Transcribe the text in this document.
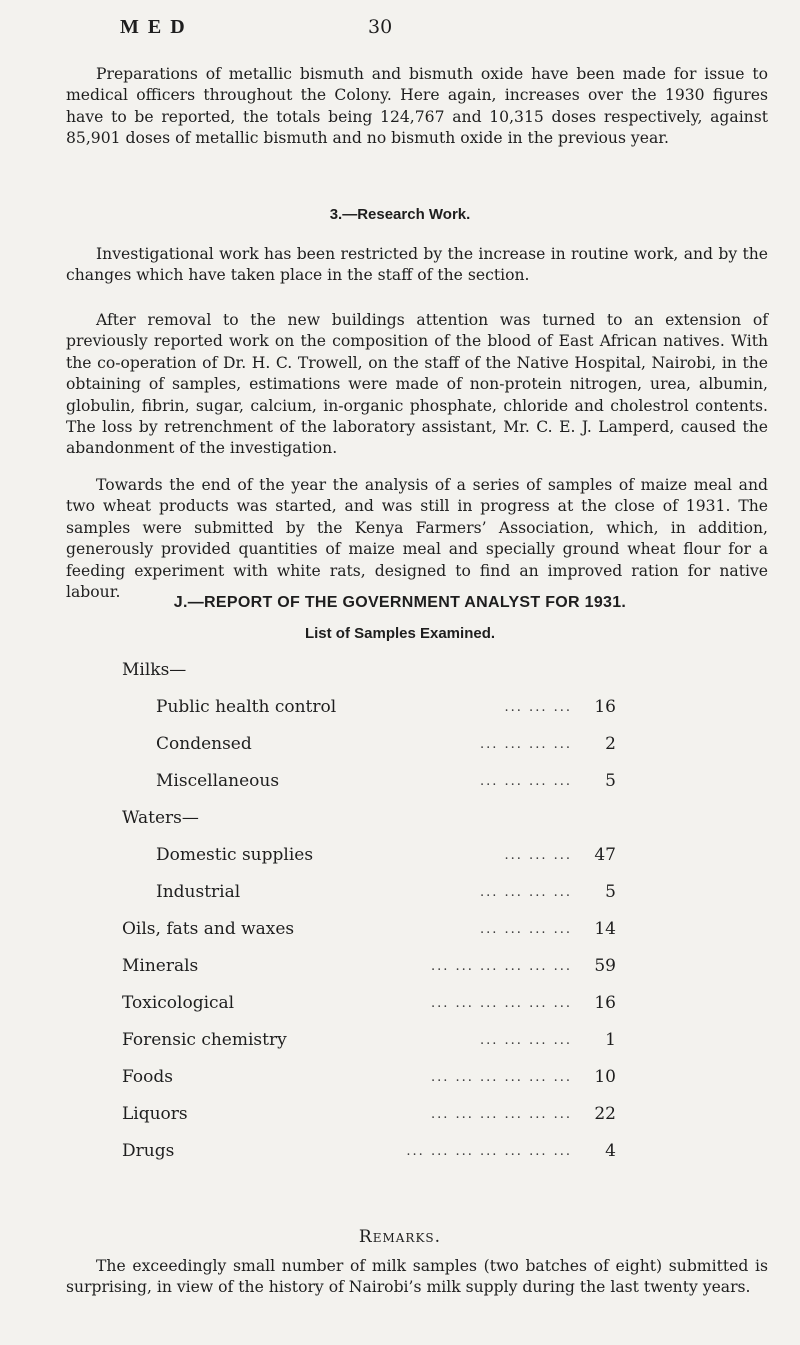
M E D	30

Preparations of metallic bismuth and bismuth oxide have been made for issue to medical officers throughout the Colony. Here again, increases over the 1930 figures have to be reported, the totals being 124,767 and 10,315 doses respectively, against 85,901 doses of metallic bismuth and no bismuth oxide in the previous year.

3.—Research Work.

Investigational work has been restricted by the increase in routine work, and by the changes which have taken place in the staff of the section.

After removal to the new buildings attention was turned to an extension of previously reported work on the composition of the blood of East African natives. With the co-operation of Dr. H. C. Trowell, on the staff of the Native Hospital, Nairobi, in the obtaining of samples, estimations were made of non-protein nitrogen, urea, albumin, globulin, fibrin, sugar, calcium, in-organic phosphate, chloride and cholestrol contents. The loss by retrenchment of the laboratory assistant, Mr. C. E. J. Lamperd, caused the abandonment of the investigation.

Towards the end of the year the analysis of a series of samples of maize meal and two wheat products was started, and was still in progress at the close of 1931. The samples were submitted by the Kenya Farmers’ Association, which, in addition, generously provided quantities of maize meal and specially ground wheat flour for a feeding experiment with white rats, designed to find an improved ration for native labour.

J.—REPORT OF THE GOVERNMENT ANALYST FOR 1931.
List of Samples Examined.
Milks—
Public health control	... ... ... 16
Condensed	... ... ... ... 2
Miscellaneous	... ... ... ... 5
Waters—
Domestic supplies	... ... ... 47
Industrial	... ... ... ... 5
Oils, fats and waxes	... ... ... ... 14
Minerals	... ... ... ... ... ... 59
Toxicological	... ... ... ... ... ... 16
Forensic chemistry	... ... ... ... 1
Foods	... ... ... ... ... ... 10
Liquors	... ... ... ... ... ... 22
Drugs	... ... ... ... ... ... ... 4
Remarks.

The exceedingly small number of milk samples (two batches of eight) submitted is surprising, in view of the history of Nairobi’s milk supply during the last twenty years.
